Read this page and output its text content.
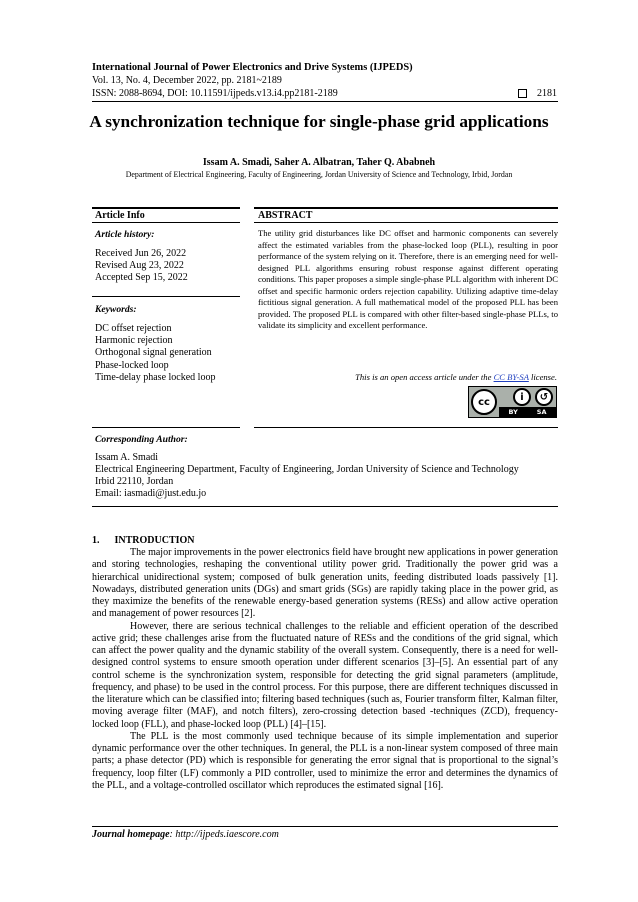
International Journal of Power Electronics and Drive Systems (IJPEDS)
Vol. 13, No. 4, December 2022, pp. 2181~2189
ISSN: 2088-8694, DOI: 10.11591/ijpeds.v13.i4.pp2181-2189	2181
A synchronization technique for single-phase grid applications
Issam A. Smadi, Saher A. Albatran, Taher Q. Ababneh
Department of Electrical Engineering, Faculty of Engineering, Jordan University of Science and Technology, Irbid, Jordan
Article Info
Article history:
Received Jun 26, 2022
Revised Aug 23, 2022
Accepted Sep 15, 2022
Keywords:
DC offset rejection
Harmonic rejection
Orthogonal signal generation
Phase-locked loop
Time-delay phase locked loop
ABSTRACT
The utility grid disturbances like DC offset and harmonic components can severely affect the estimated variables from the phase-locked loop (PLL), resulting in poor performance of the system relying on it. Therefore, there is an emerging need for well-designed PLL algorithms ensuring robust response against different operating conditions. This paper proposes a simple single-phase PLL algorithm with inherent DC offset and specific harmonic orders rejection capability. Utilizing adaptive time-delay fictitious signal generation. A full mathematical model of the proposed PLL has been provided. The proposed PLL is compared with other filter-based single-phase PLLs, to validate its simplicity and excellent performance.
This is an open access article under the CC BY-SA license.
cc	i	↺
BY	SA
Corresponding Author:
Issam A. Smadi
Electrical Engineering Department, Faculty of Engineering, Jordan University of Science and Technology
Irbid 22110, Jordan
Email: iasmadi@just.edu.jo
1.      INTRODUCTION

The major improvements in the power electronics field have brought new applications in power generation and storing technologies, reshaping the conventional utility power grid. Traditionally the power grid was a hierarchical unidirectional system; composed of bulk generation units, feeding distributed loads passively [1]. Nowadays, distributed generation units (DGs) and smart grids (SGs) are rapidly taking place in the power grid, as they maximize the benefits of the renewable energy-based generation systems (RESs) and allow active operation and management of power resources [2].

However, there are serious technical challenges to the reliable and efficient operation of the described active grid; these challenges arise from the fluctuated nature of RESs and the conditions of the grid signal, which can affect the power quality and the dynamic stability of the overall system. Consequently, there is a need for well-designed control systems to ensure smooth operation under different scenarios [3]–[5]. An essential part of any control scheme is the synchronization system, responsible for detecting the grid signal parameters (amplitude, frequency, and phase) to be used in the control process. For this purpose, there are different techniques discussed in the literature which can be classified into; filtering based techniques (such as, Fourier transform filter, Kalman filter, moving average filter (MAF), and notch filters), zero-crossing detection based -techniques (ZCD), frequency-locked loop (FLL), and phase-locked loop (PLL) [4]–[15].

The PLL is the most commonly used technique because of its simple implementation and superior dynamic performance over the other techniques. In general, the PLL is a non-linear system composed of three main parts; a phase detector (PD) which is responsible for generating the error signal that is proportional to the signal’s frequency, loop filter (LF) commonly a PID controller, used to minimize the error and determines the dynamics of the PLL, and a voltage-controlled oscillator which reproduces the estimated signal [16].

Journal homepage: http://ijpeds.iaescore.com
